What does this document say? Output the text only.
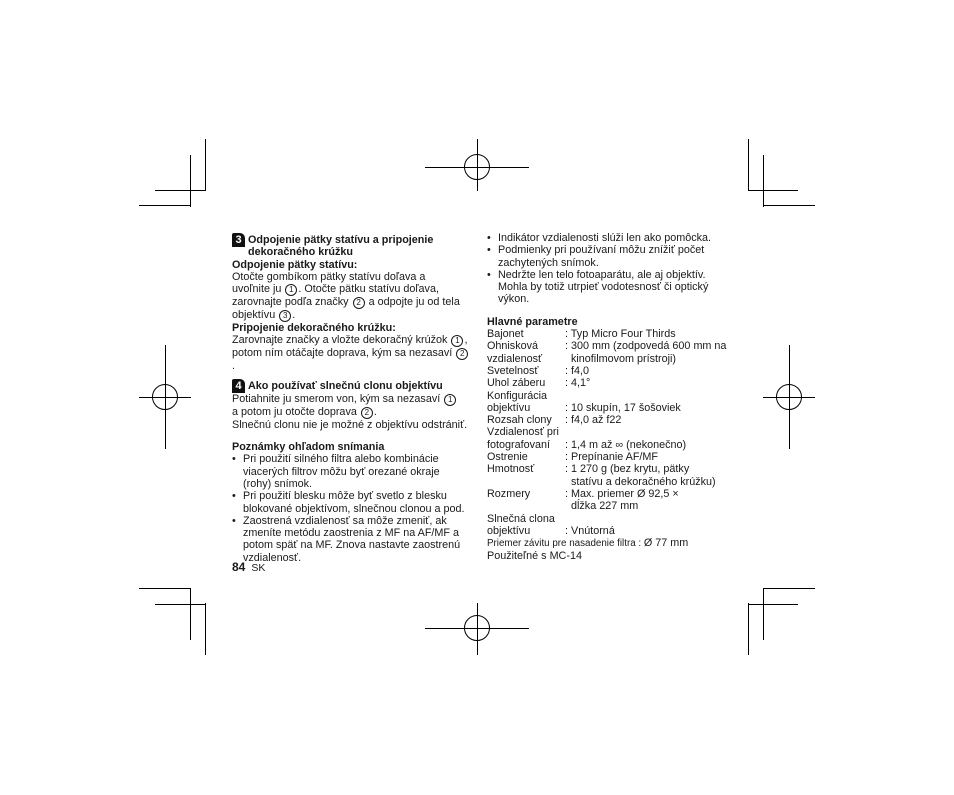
3 Odpojenie pätky statívu a pripojenie

dekoračného krúžku

Odpojenie pätky statívu:

Otočte gombíkom pätky statívu doľava a

uvoľnite ju 1 . Otočte pätku statívu doľava,

zarovnajte podľa značky 2 a odpojte ju od tela

objektívu 3 .

Pripojenie dekoračného krúžku:

Zarovnajte značky a vložte dekoračný krúžok 1 ,

potom ním otáčajte doprava, kým sa nezasaví 2.

4 Ako používať slnečnú clonu objektívu

Potiahnite ju smerom von, kým sa nezasaví 1

a potom ju otočte doprava 2 .

Slnečnú clonu nie je možné z objektívu odstrániť.

Poznámky ohľadom snímania

• Pri použití silného filtra alebo kombinácie

viacerých filtrov môžu byť orezané okraje

(rohy) snímok.

• Pri použití blesku môže byť svetlo z blesku

blokované objektívom, slnečnou clonou a pod.

• Zaostrená vzdialenosť sa môže zmeniť, ak

zmeníte metódu zaostrenia z MF na AF/MF a

potom späť na MF. Znova nastavte zaostrenú

vzdialenosť.

• Indikátor vzdialenosti slúži len ako pomôcka.

• Podmienky pri používaní môžu znížiť počet

zachytených snímok.

• Nedržte len telo fotoaparátu, ale aj objektív.

Mohla by totiž utrpieť vodotesnosť či optický

výkon.

Hlavné parametre

Bajonet	: Typ Micro Four Thirds

Ohnisková

vzdialenosť

: 300 mm (zodpovedá 600 mm na

kinofilmovom prístroji)

Svetelnosť	: f4,0

Uhol záberu	: 4,1°

Konfigurácia

objektívu	: 10 skupín, 17 šošoviek

Rozsah clony	: f4,0 až f22

Vzdialenosť pri

fotografovaní	: 1,4 m až ∞ (nekonečno)

Ostrenie	: Prepínanie AF/MF

Hmotnosť	: 1 270 g (bez krytu, pätky

statívu a dekoračného krúžku)

Rozmery	: Max. priemer Ø 92,5 ×

dĺžka 227 mm

Slnečná clona

objektívu	: Vnútorná

Priemer závitu pre nasadenie filtra : Ø 77 mm

Použiteľné s MC-14

84 SK
